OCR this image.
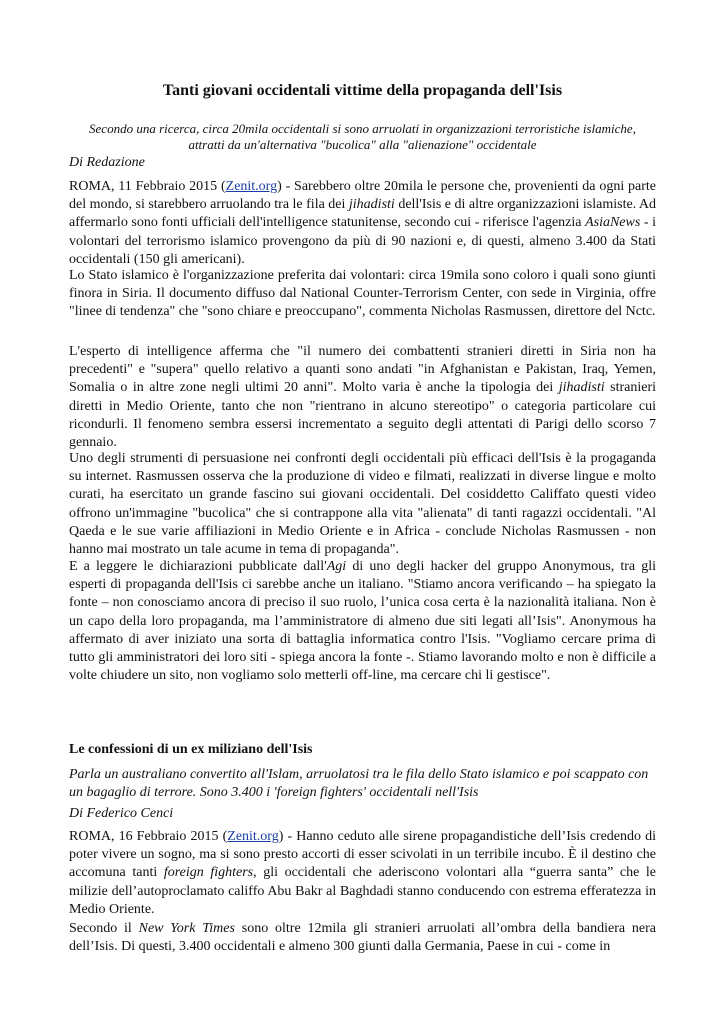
Tanti giovani occidentali vittime della propaganda dell'Isis
Secondo una ricerca, circa 20mila occidentali si sono arruolati in organizzazioni terroristiche islamiche,
attratti da un'alternativa "bucolica" alla "alienazione" occidentale
Di Redazione
ROMA, 11 Febbraio 2015 (Zenit.org) - Sarebbero oltre 20mila le persone che, provenienti da ogni parte del mondo, si starebbero arruolando tra le fila dei jihadisti dell'Isis e di altre organizzazioni islamiste. Ad affermarlo sono fonti ufficiali dell'intelligence statunitense, secondo cui - riferisce l'agenzia AsiaNews - i volontari del terrorismo islamico provengono da più di 90 nazioni e, di questi, almeno 3.400 da Stati occidentali (150 gli americani).
Lo Stato islamico è l'organizzazione preferita dai volontari: circa 19mila sono coloro i quali sono giunti finora in Siria. Il documento diffuso dal National Counter-Terrorism Center, con sede in Virginia, offre "linee di tendenza" che "sono chiare e preoccupano", commenta Nicholas Rasmussen, direttore del Nctc.
L'esperto di intelligence afferma che "il numero dei combattenti stranieri diretti in Siria non ha precedenti" e "supera" quello relativo a quanti sono andati "in Afghanistan e Pakistan, Iraq, Yemen, Somalia o in altre zone negli ultimi 20 anni". Molto varia è anche la tipologia dei jihadisti stranieri diretti in Medio Oriente, tanto che non "rientrano in alcuno stereotipo" o categoria particolare cui ricondurli. Il fenomeno sembra essersi incrementato a seguito degli attentati di Parigi dello scorso 7 gennaio.
Uno degli strumenti di persuasione nei confronti degli occidentali più efficaci dell'Isis è la progaganda su internet. Rasmussen osserva che la produzione di video e filmati, realizzati in diverse lingue e molto curati, ha esercitato un grande fascino sui giovani occidentali. Del cosiddetto Califfato questi video offrono un'immagine "bucolica" che si contrappone alla vita "alienata" di tanti ragazzi occidentali. "Al Qaeda e le sue varie affiliazioni in Medio Oriente e in Africa - conclude Nicholas Rasmussen - non hanno mai mostrato un tale acume in tema di propaganda".
E a leggere le dichiarazioni pubblicate dall'Agi di uno degli hacker del gruppo Anonymous, tra gli esperti di propaganda dell'Isis ci sarebbe anche un italiano. "Stiamo ancora verificando – ha spiegato la fonte – non conosciamo ancora di preciso il suo ruolo, l’unica cosa certa è la nazionalità italiana. Non è un capo della loro propaganda, ma l’amministratore di almeno due siti legati all’Isis". Anonymous ha affermato di aver iniziato una sorta di battaglia informatica contro l'Isis. "Vogliamo cercare prima di tutto gli amministratori dei loro siti - spiega ancora la fonte -. Stiamo lavorando molto e non è difficile a volte chiudere un sito, non vogliamo solo metterli off-line, ma cercare chi li gestisce".
Le confessioni di un ex miliziano dell'Isis
Parla un australiano convertito all'Islam, arruolatosi tra le fila dello Stato islamico e poi scappato con un bagaglio di terrore. Sono 3.400 i 'foreign fighters' occidentali nell'Isis
Di Federico Cenci
ROMA, 16 Febbraio 2015 (Zenit.org) - Hanno ceduto alle sirene propagandistiche dell’Isis credendo di poter vivere un sogno, ma si sono presto accorti di esser scivolati in un terribile incubo. È il destino che accomuna tanti foreign fighters, gli occidentali che aderiscono volontari alla “guerra santa” che le milizie dell’autoproclamato califfo Abu Bakr al Baghdadi stanno conducendo con estrema efferatezza in Medio Oriente.
Secondo il New York Times sono oltre 12mila gli stranieri arruolati all’ombra della bandiera nera dell’Isis. Di questi, 3.400 occidentali e almeno 300 giunti dalla Germania, Paese in cui - come in
